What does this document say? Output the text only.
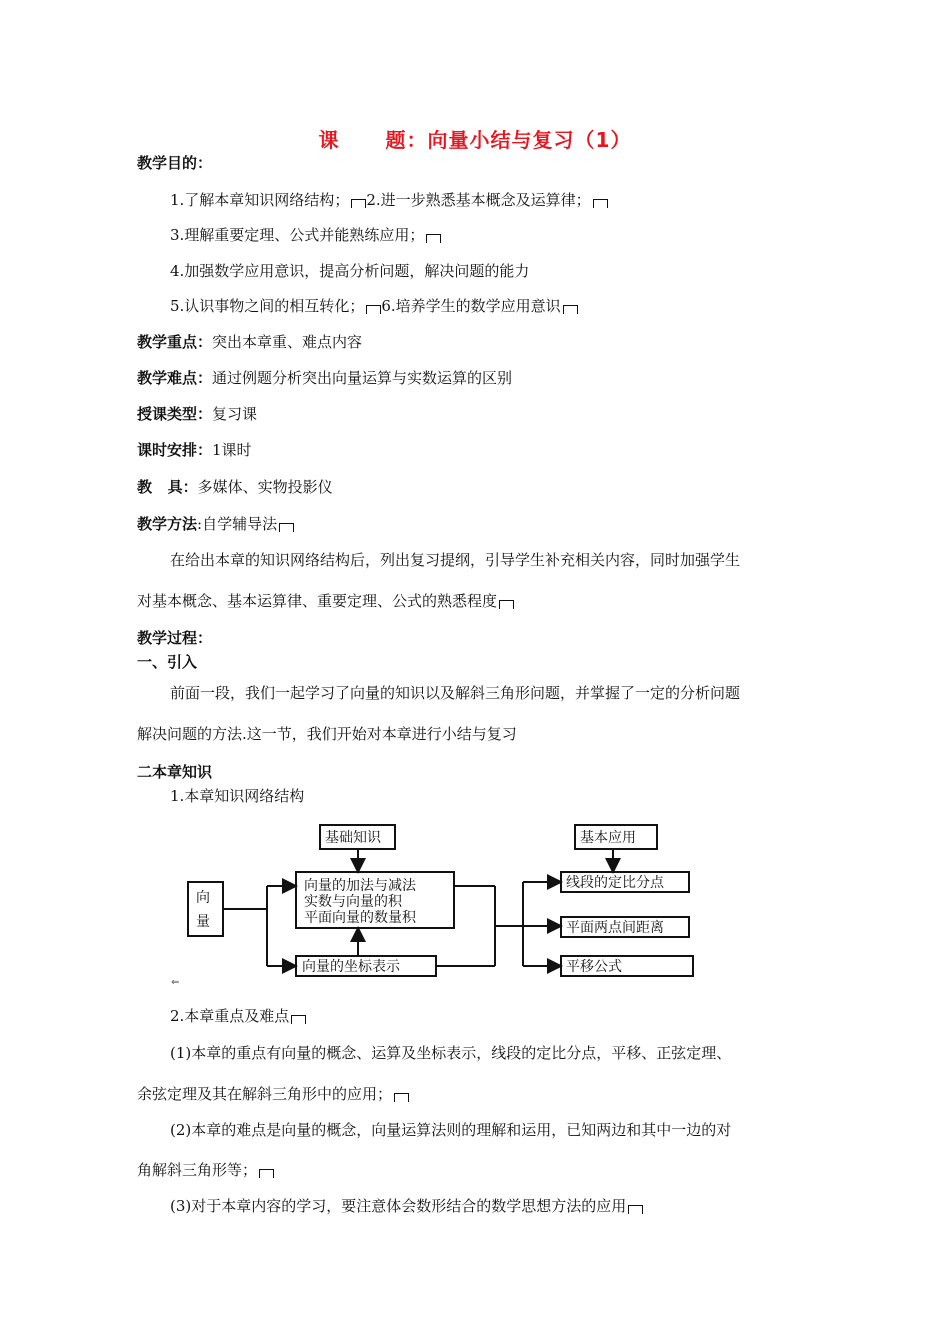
课 题：向量小结与复习（1）
教学目的：
1.了解本章知识网络结构； 2.进一步熟悉基本概念及运算律；
3.理解重要定理、公式并能熟练应用；
4.加强数学应用意识，提高分析问题，解决问题的能力
5.认识事物之间的相互转化； 6.培养学生的数学应用意识
教学重点：突出本章重、难点内容
教学难点：通过例题分析突出向量运算与实数运算的区别
授课类型：复习课
课时安排：1课时
教   具：多媒体、实物投影仪
教学方法:自学辅导法
在给出本章的知识网络结构后，列出复习提纲，引导学生补充相关内容，同时加强学生
对基本概念、基本运算律、重要定理、公式的熟悉程度
教学过程：
一、引入
前面一段，我们一起学习了向量的知识以及解斜三角形问题，并掌握了一定的分析问题
解决问题的方法.这一节，我们开始对本章进行小结与复习
二本章知识
1.本章知识网络结构
向
量
基础知识
向量的加法与减法
实数与向量的积
平面向量的数量积
向量的坐标表示
基本应用
线段的定比分点
平面两点间距离
平移公式
⇐
2.本章重点及难点
(1)本章的重点有向量的概念、运算及坐标表示，线段的定比分点，平移、正弦定理、
余弦定理及其在解斜三角形中的应用；
(2)本章的难点是向量的概念，向量运算法则的理解和运用，已知两边和其中一边的对
角解斜三角形等；
(3)对于本章内容的学习，要注意体会数形结合的数学思想方法的应用
